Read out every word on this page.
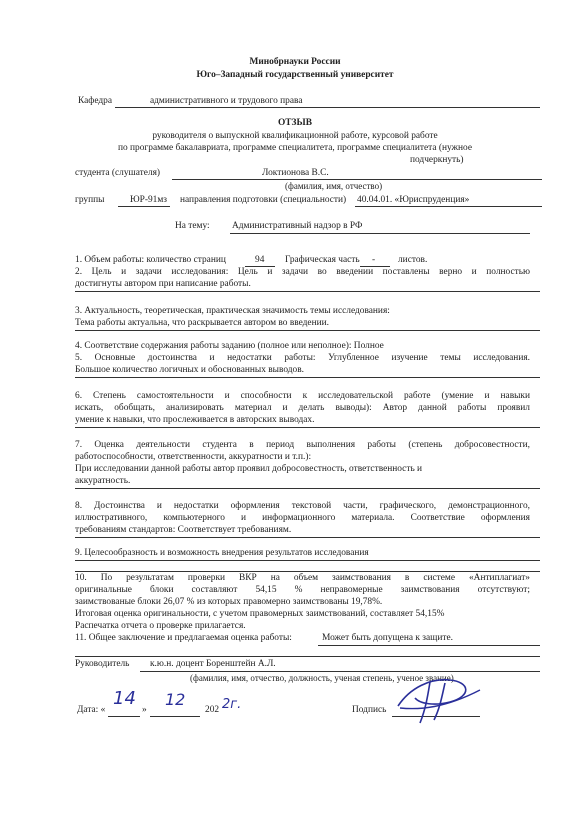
Минобрнауки России
Юго–Западный государственный университет
Кафедра	административного и трудового права
ОТЗЫВ
руководителя о выпускной квалификационной работе, курсовой работе
по программе бакалавриата, программе специалитета, программе специалитета (нужное
подчеркнуть)
студента (слушателя)	Локтионова В.С.
(фамилия, имя, отчество)
группы	ЮР-91мз направления подготовки (специальности) 40.04.01. «Юриспруденция»
На тему: Административный надзор в РФ
1. Объем работы: количество страниц	94 Графическая часть - листов.
2. Цель и задачи исследования: Цель и задачи во введении поставлены верно и полностью
достигнуты автором при написание работы.
3. Актуальность, теоретическая, практическая значимость темы исследования:
Тема работы актуальна, что раскрывается автором во введении.
4. Соответствие содержания работы заданию (полное или неполное): Полное
5. Основные достоинства и недостатки работы: Углубленное изучение темы исследования.
Большое количество логичных и обоснованных выводов.
6. Степень самостоятельности и способности к исследовательской работе (умение и навыки
искать, обобщать, анализировать материал и делать выводы): Автор данной работы проявил
умение к навыки, что прослеживается в авторских выводах.
7. Оценка деятельности студента в период выполнения работы (степень добросовестности,
работоспособности, ответственности, аккуратности и т.п.):
При исследовании данной работы автор проявил добросовестность, ответственность и
аккуратность.
8. Достоинства и недостатки оформления текстовой части, графического, демонстрационного,
иллюстративного, компьютерного и информационного материала. Соответствие оформления
требованиям стандартов: Соответствует требованиям.
9. Целесообразность и возможность внедрения результатов исследования
10. По результатам проверки ВКР на объем заимствования в системе «Антиплагиат»
оригинальные блоки составляют 54,15 % неправомерные заимствования отсутствуют;
заимствованые блоки 26,07 % из которых правомерно заимствованы 19,78%.
Итоговая оценка оригинальности, с учетом правомерных заимствований, составляет 54,15%
Распечатка отчета о проверке прилагается.
11. Общее заключение и предлагаемая оценка работы:	Может быть допущена к защите.
Руководитель к.ю.н. доцент Боренштейн А.Л.
(фамилия, имя, отчество, должность, ученая степень, ученое звание)
Дата: «
14
»
12
202 2г.	Подпись
